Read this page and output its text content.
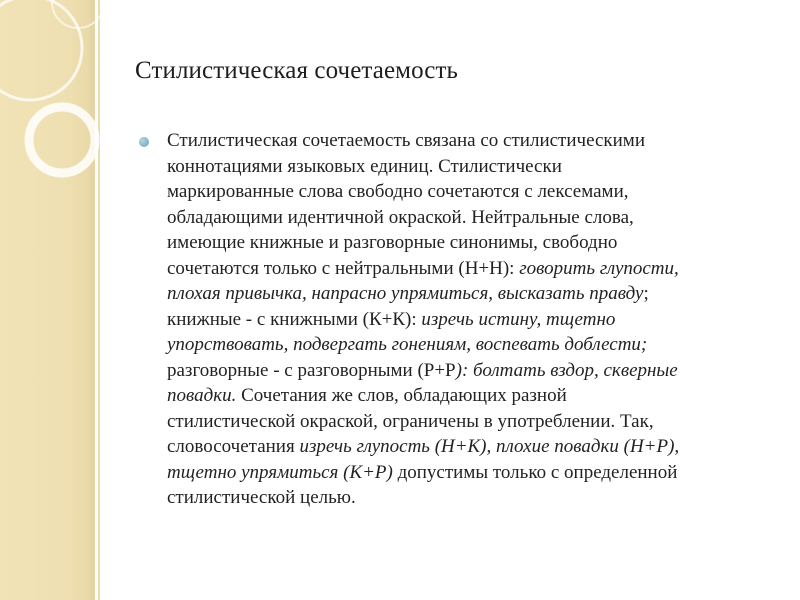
Стилистическая сочетаемость
Стилистическая сочетаемость связана со стилистическими
коннотациями языковых единиц. Стилистически
маркированные слова свободно сочетаются с лексемами,
обладающими идентичной окраской. Нейтральные слова,
имеющие книжные и разговорные синонимы, свободно
сочетаются только с нейтральными (Н+Н): говорить глупости,
плохая привычка, напрасно упрямиться, высказать правду;
книжные - с книжными (К+К): изречь истину, тщетно
упорствовать, подвергать гонениям, воспевать доблести;
разговорные - с разговорными (Р+Р): болтать вздор, скверные
повадки. Сочетания же слов, обладающих разной
стилистической окраской, ограничены в употреблении. Так,
словосочетания изречь глупость (Н+К), плохие повадки (Н+Р),
тщетно упрямиться (К+Р) допустимы только с определенной
стилистической целью.
